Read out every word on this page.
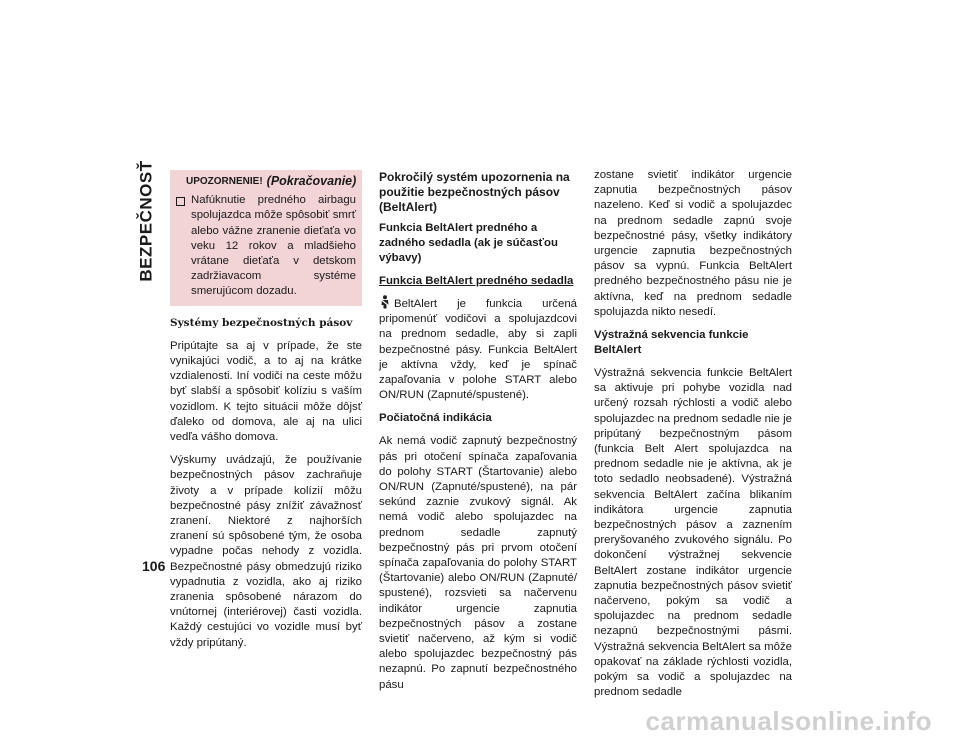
BEZPEČNOSŤ	UPOZORNENIE! (Pokračovanie)
Nafúknutie predného airbagu spolujazdca môže spôsobiť smrť alebo vážne zranenie dieťaťa vo veku 12 rokov a mladšieho vrátane dieťaťa v detskom zadržiavacom systéme smerujúcom dozadu.
Systémy bezpečnostných pásov

Pripútajte sa aj v prípade, že ste vynikajúci vodič, a to aj na krátke vzdialenosti. Iní vodiči na ceste môžu byť slabší a spôsobiť kolíziu s vaším vozidlom. K tejto situácii môže dôjsť ďaleko od domova, ale aj na ulici vedľa vášho domova.

Výskumy uvádzajú, že používanie bezpečnostných pásov zachraňuje životy a v prípade kolízií môžu bezpečnostné pásy znížiť závažnosť zranení. Niektoré z najhorších zranení sú spôsobené tým, že osoba vypadne počas nehody z vozidla. Bezpečnostné pásy obmedzujú riziko vypadnutia z vozidla, ako aj riziko zranenia spôsobené nárazom do vnútornej (interiérovej) časti vozidla. Každý cestujúci vo vozidle musí byť vždy pripútaný.

Pokročilý systém upozornenia na použitie bezpečnostných pásov (BeltAlert)
Funkcia BeltAlert predného a zadného sedadla (ak je súčasťou výbavy)
Funkcia BeltAlert predného sedadla

BeltAlert je funkcia určená pripomenúť vodičovi a spolujazdcovi na prednom sedadle, aby si zapli bezpečnostné pásy. Funkcia BeltAlert je aktívna vždy, keď je spínač zapaľovania v polohe START alebo ON/RUN (Zapnuté/spustené).

Počiatočná indikácia

Ak nemá vodič zapnutý bezpečnostný pás pri otočení spínača zapaľovania do polohy START (Štartovanie) alebo ON/RUN (Zapnuté/spustené), na pár sekúnd zaznie zvukový signál. Ak nemá vodič alebo spolujazdec na prednom sedadle zapnutý bezpečnostný pás pri prvom otočení spínača zapaľovania do polohy START (Štartovanie) alebo ON/RUN (Zapnuté/ spustené), rozsvieti sa načervenu indikátor urgencie zapnutia bezpečnostných pásov a zostane svietiť načerveno, až kým si vodič alebo spolujazdec bezpečnostný pás nezapnú. Po zapnutí bezpečnostného pásu

zostane svietiť indikátor urgencie zapnutia bezpečnostných pásov nazeleno. Keď si vodič a spolujazdec na prednom sedadle zapnú svoje bezpečnostné pásy, všetky indikátory urgencie zapnutia bezpečnostných pásov sa vypnú. Funkcia BeltAlert predného bezpečnostného pásu nie je aktívna, keď na prednom sedadle spolujazda nikto nesedí.

Výstražná sekvencia funkcie BeltAlert

Výstražná sekvencia funkcie BeltAlert sa aktivuje pri pohybe vozidla nad určený rozsah rýchlosti a vodič alebo spolujazdec na prednom sedadle nie je pripútaný bezpečnostným pásom (funkcia Belt Alert spolujazdca na prednom sedadle nie je aktívna, ak je toto sedadlo neobsadené). Výstražná sekvencia BeltAlert začína blikaním indikátora urgencie zapnutia bezpečnostných pásov a zaznením prerуšovaného zvukového signálu. Po dokončení výstražnej sekvencie BeltAlert zostane indikátor urgencie zapnutia bezpečnostných pásov svietiť načerveno, pokým sa vodič a spolujazdec na prednom sedadle nezapnú bezpečnostnými pásmi. Výstražná sekvencia BeltAlert sa môže opakovať na základe rýchlosti vozidla, pokým sa vodič a spolujazdec na prednom sedadle

106
carmanualsonline.info
